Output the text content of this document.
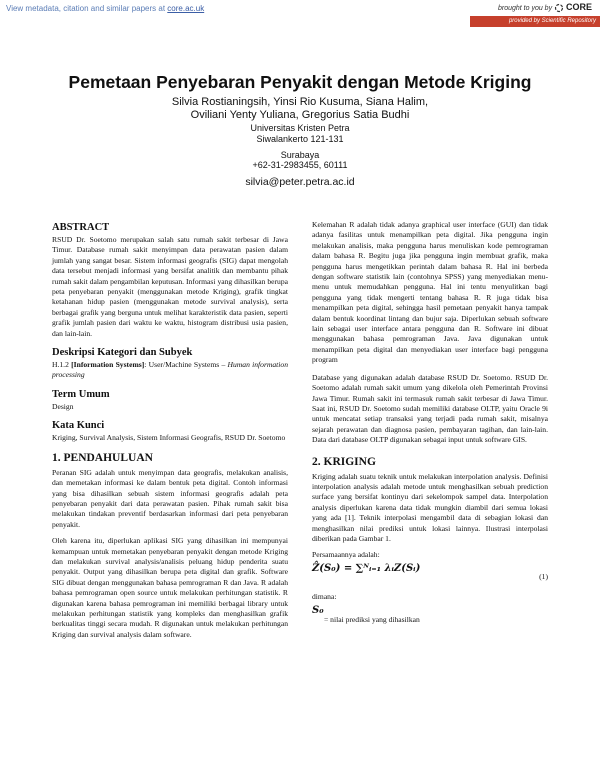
View metadata, citation and similar papers at core.ac.uk	brought to you by CORE
provided by Scientific Repository
Pemetaan Penyebaran Penyakit dengan Metode Kriging
Silvia Rostianingsih, Yinsi Rio Kusuma, Siana Halim,
Oviliani Yenty Yuliana, Gregorius Satia Budhi
Universitas Kristen Petra
Siwalankerto 121-131
Surabaya
+62-31-2983455, 60111
silvia@peter.petra.ac.id
ABSTRACT

RSUD Dr. Soetomo merupakan salah satu rumah sakit terbesar di Jawa Timur. Database rumah sakit menyimpan data perawatan pasien dalam jumlah yang sangat besar. Sistem informasi geografis (SIG) dapat mengolah data tersebut menjadi informasi yang bersifat analitik dan membantu pihak rumah sakit dalam pengambilan keputusan. Informasi yang dihasilkan berupa peta penyebaran penyakit (menggunakan metode Kriging), grafik tingkat ketahanan hidup pasien (menggunakan metode survival analysis), serta berbagai grafik yang berguna untuk melihat karakteristik data pasien, seperti grafik jumlah pasien dari waktu ke waktu, histogram distribusi usia pasien, dan lain-lain.

Deskripsi Kategori dan Subyek

H.1.2 [Information Systems]: User/Machine Systems – Human information processing

Term Umum

Design

Kata Kunci

Kriging, Survival Analysis, Sistem Informasi Geografis, RSUD Dr. Soetomo

1. PENDAHULUAN

Peranan SIG adalah untuk menyimpan data geografis, melakukan analisis, dan memetakan informasi ke dalam bentuk peta digital. Contoh informasi yang bisa dihasilkan sebuah sistem informasi geografis adalah peta penyebaran penyakit dari data perawatan pasien. Pihak rumah sakit bisa melakukan tindakan preventif berdasarkan informasi dari peta penyebaran penyakit.

Oleh karena itu, diperlukan aplikasi SIG yang dihasilkan ini mempunyai kemampuan untuk memetakan penyebaran penyakit dengan metode Kriging dan melakukan survival analysis/analisis peluang hidup penderita suatu penyakit. Output yang dihasilkan berupa peta digital dan grafik. Software SIG dibuat dengan menggunakan bahasa pemrograman R dan Java. R adalah bahasa pemrograman open source untuk melakukan perhitungan statistik. R digunakan karena bahasa pemrograman ini memiliki berbagai library untuk melakukan perhitungan statistik yang kompleks dan menghasilkan grafik berkualitas tinggi secara mudah. R digunakan untuk melakukan perhitungan Kriging dan survival analysis dalam software.

Kelemahan R adalah tidak adanya graphical user interface (GUI) dan tidak adanya fasilitas untuk menampilkan peta digital. Jika pengguna ingin melakukan analisis, maka pengguna harus menuliskan kode pemrograman dalam bahasa R. Begitu juga jika pengguna ingin membuat grafik, maka pengguna harus mengetikkan perintah dalam bahasa R. Hal ini berbeda dengan software statistik lain (contohnya SPSS) yang menyediakan menu-menu untuk memudahkan pengguna. Hal ini tentu menyulitkan bagi pengguna yang tidak mengerti tentang bahasa R. R juga tidak bisa menampilkan peta digital, sehingga hasil pemetaan penyakit hanya tampak dalam bentuk koordinat lintang dan bujur saja. Diperlukan sebuah software lain sebagai user interface antara pengguna dan R. Software ini dibuat menggunakan bahasa pemrograman Java. Java digunakan untuk menampilkan peta digital dan menyediakan user interface bagi pengguna program

Database yang digunakan adalah database RSUD Dr. Soetomo. RSUD Dr. Soetomo adalah rumah sakit umum yang dikelola oleh Pemerintah Provinsi Jawa Timur. Rumah sakit ini termasuk rumah sakit terbesar di Jawa Timur. Saat ini, RSUD Dr. Soetomo sudah memiliki database OLTP, yaitu Oracle 9i untuk mencatat setiap transaksi yang terjadi pada rumah sakit, misalnya sejarah perawatan dan diagnosa pasien, pembayaran tagihan, dan lain-lain. Data dari database OLTP digunakan sebagai input untuk software GIS.

2. KRIGING

Kriging adalah suatu teknik untuk melakukan interpolation analysis. Definisi interpolation analysis adalah metode untuk menghasilkan sebuah prediction surface yang bersifat kontinyu dari sekelompok sampel data. Interpolation analysis diperlukan karena data tidak mungkin diambil dari semua lokasi yang ada [1]. Teknik interpolasi mengambil data di sebagian lokasi dan menghasilkan nilai prediksi untuk lokasi lainnya. Ilustrasi interpolasi diberikan pada Gambar 1.

Persamaannya adalah:

Ẑ(S₀) = ∑ᴺᵢ₌₁ λᵢZ(Sᵢ)
(1)

dimana:

S₀
= nilai prediksi yang dihasilkan
